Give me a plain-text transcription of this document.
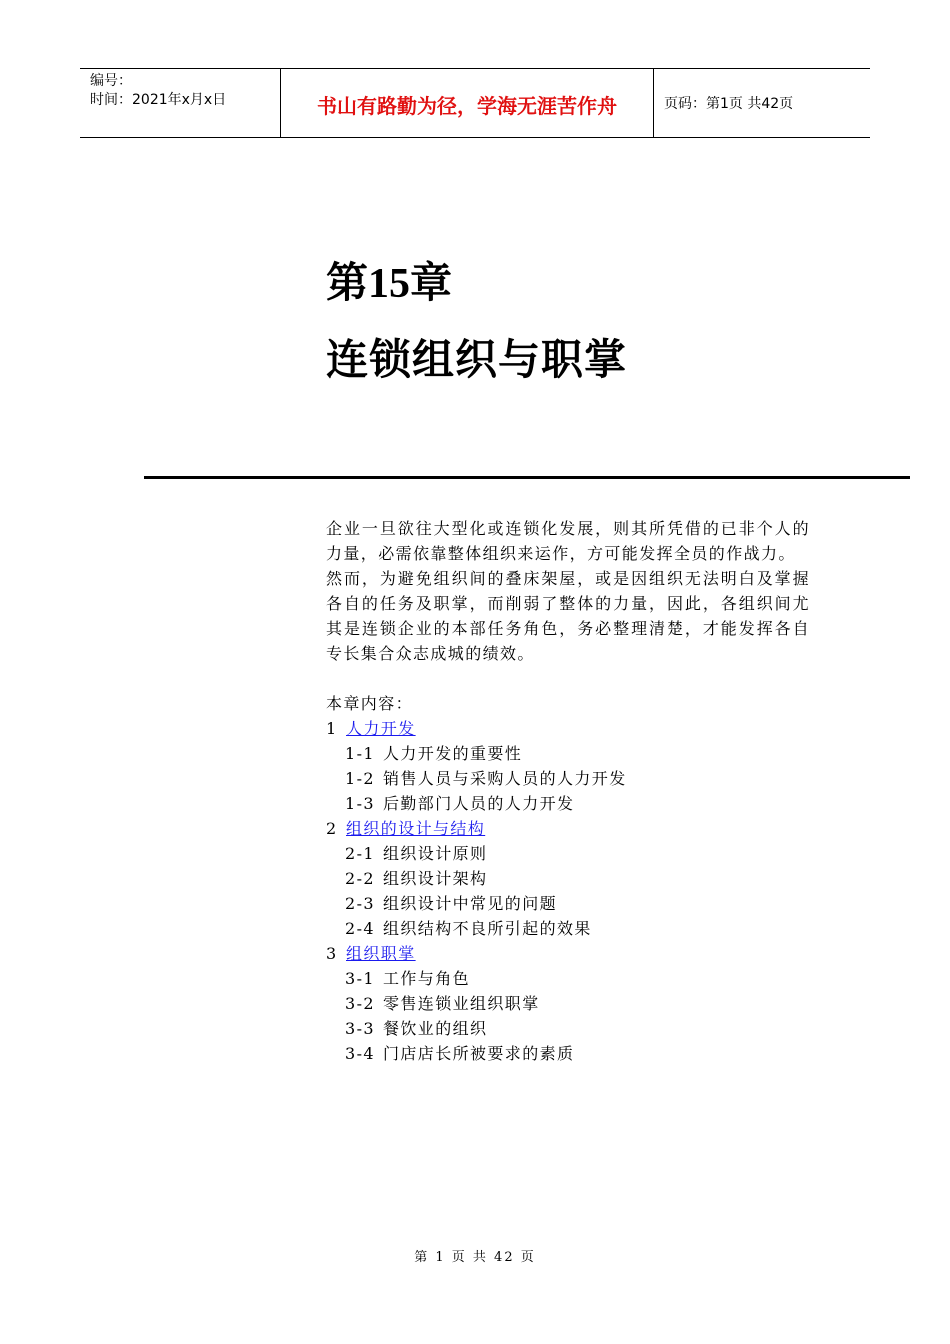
编号：
时间：2021年x月x日	书山有路勤为径，学海无涯苦作舟	页码：第1页 共42页
第15章
连锁组织与职掌

企业一旦欲往大型化或连锁化发展，则其所凭借的已非个人的力量，必需依靠整体组织来运作，方可能发挥全员的作战力。

然而，为避免组织间的叠床架屋，或是因组织无法明白及掌握各自的任务及职掌，而削弱了整体的力量，因此，各组织间尤其是连锁企业的本部任务角色，务必整理清楚，才能发挥各自专长集合众志成城的绩效。

本章内容：
1 人力开发
1-1 人力开发的重要性
1-2 销售人员与采购人员的人力开发
1-3 后勤部门人员的人力开发
2 组织的设计与结构
2-1 组织设计原则
2-2 组织设计架构
2-3 组织设计中常见的问题
2-4 组织结构不良所引起的效果
3 组织职掌
3-1 工作与角色
3-2 零售连锁业组织职掌
3-3 餐饮业的组织
3-4 门店店长所被要求的素质
第 1 页 共 42 页
